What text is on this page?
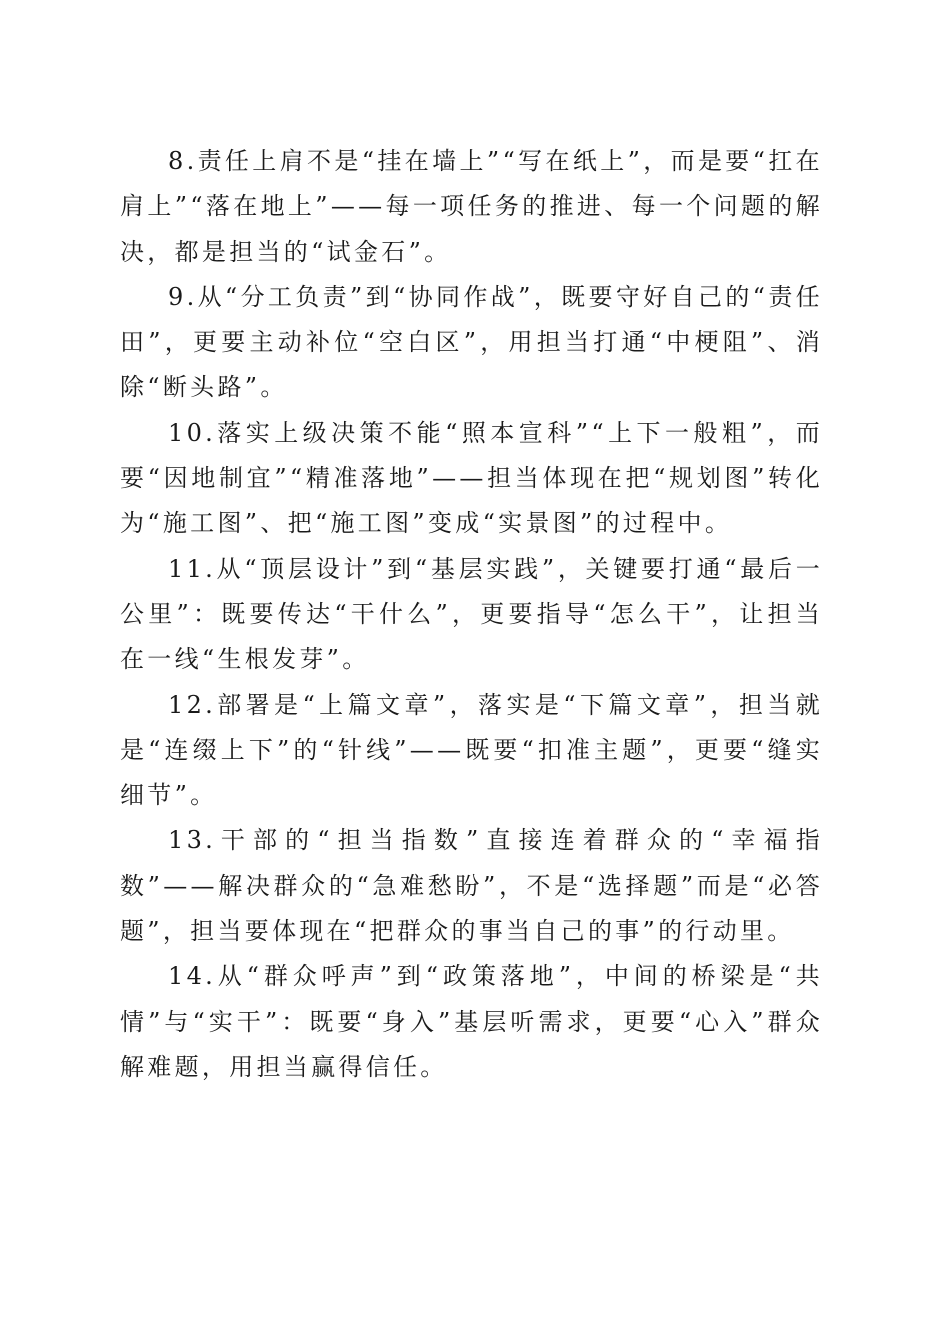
8.责任上肩不是“挂在墙上”“写在纸上”，而是要“扛在肩上”“落在地上”——每一项任务的推进、每一个问题的解决，都是担当的“试金石”。

9.从“分工负责”到“协同作战”，既要守好自己的“责任田”，更要主动补位“空白区”，用担当打通“中梗阻”、消除“断头路”。

10.落实上级决策不能“照本宣科”“上下一般粗”，而要“因地制宜”“精准落地”——担当体现在把“规划图”转化为“施工图”、把“施工图”变成“实景图”的过程中。

11.从“顶层设计”到“基层实践”，关键要打通“最后一公里”：既要传达“干什么”，更要指导“怎么干”，让担当在一线“生根发芽”。

12.部署是“上篇文章”，落实是“下篇文章”，担当就是“连缀上下”的“针线”——既要“扣准主题”，更要“缝实细节”。

13.干部的“担当指数”直接连着群众的“幸福指数”——解决群众的“急难愁盼”，不是“选择题”而是“必答题”，担当要体现在“把群众的事当自己的事”的行动里。

14.从“群众呼声”到“政策落地”，中间的桥梁是“共情”与“实干”：既要“身入”基层听需求，更要“心入”群众解难题，用担当赢得信任。
